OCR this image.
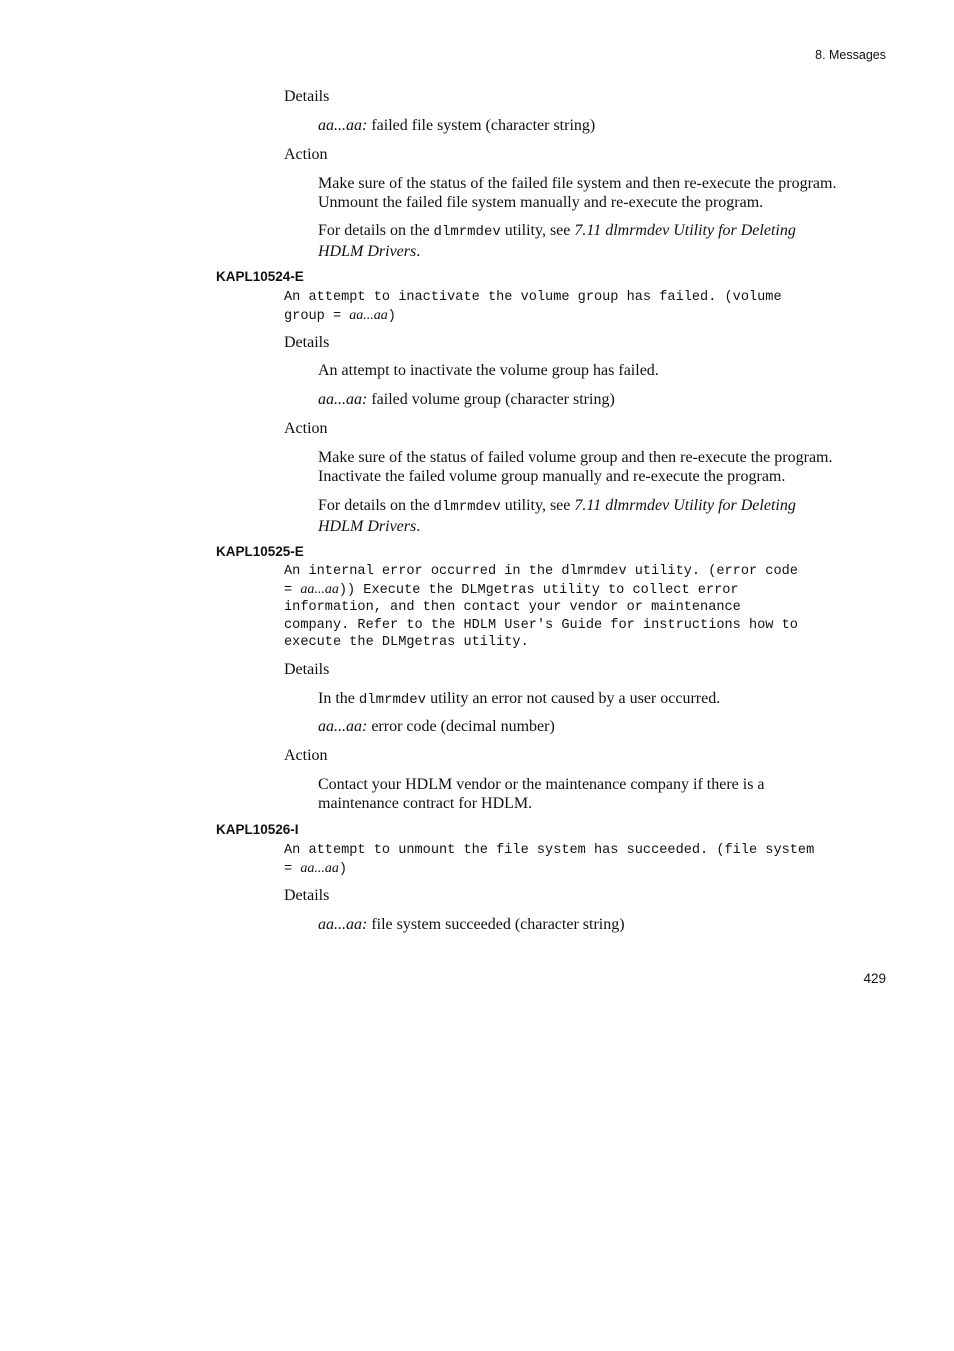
8. Messages
Details
aa...aa: failed file system (character string)
Action

Make sure of the status of the failed file system and then re-execute the program.

Unmount the failed file system manually and re-execute the program.

For details on the dlmrmdev utility, see 7.11 dlmrmdev Utility for Deleting

HDLM Drivers.

KAPL10524-E

An attempt to inactivate the volume group has failed. (volume

group = aa...aa)

Details
An attempt to inactivate the volume group has failed.
aa...aa: failed volume group (character string)
Action

Make sure of the status of failed volume group and then re-execute the program.

Inactivate the failed volume group manually and re-execute the program.

For details on the dlmrmdev utility, see 7.11 dlmrmdev Utility for Deleting

HDLM Drivers.

KAPL10525-E

An internal error occurred in the dlmrmdev utility. (error code

= aa...aa)) Execute the DLMgetras utility to collect error

information, and then contact your vendor or maintenance

company. Refer to the HDLM User's Guide for instructions how to

execute the DLMgetras utility.

Details
In the dlmrmdev utility an error not caused by a user occurred.
aa...aa: error code (decimal number)
Action

Contact your HDLM vendor or the maintenance company if there is a

maintenance contract for HDLM.

KAPL10526-I

An attempt to unmount the file system has succeeded. (file system

= aa...aa)

Details
aa...aa: file system succeeded (character string)
429
